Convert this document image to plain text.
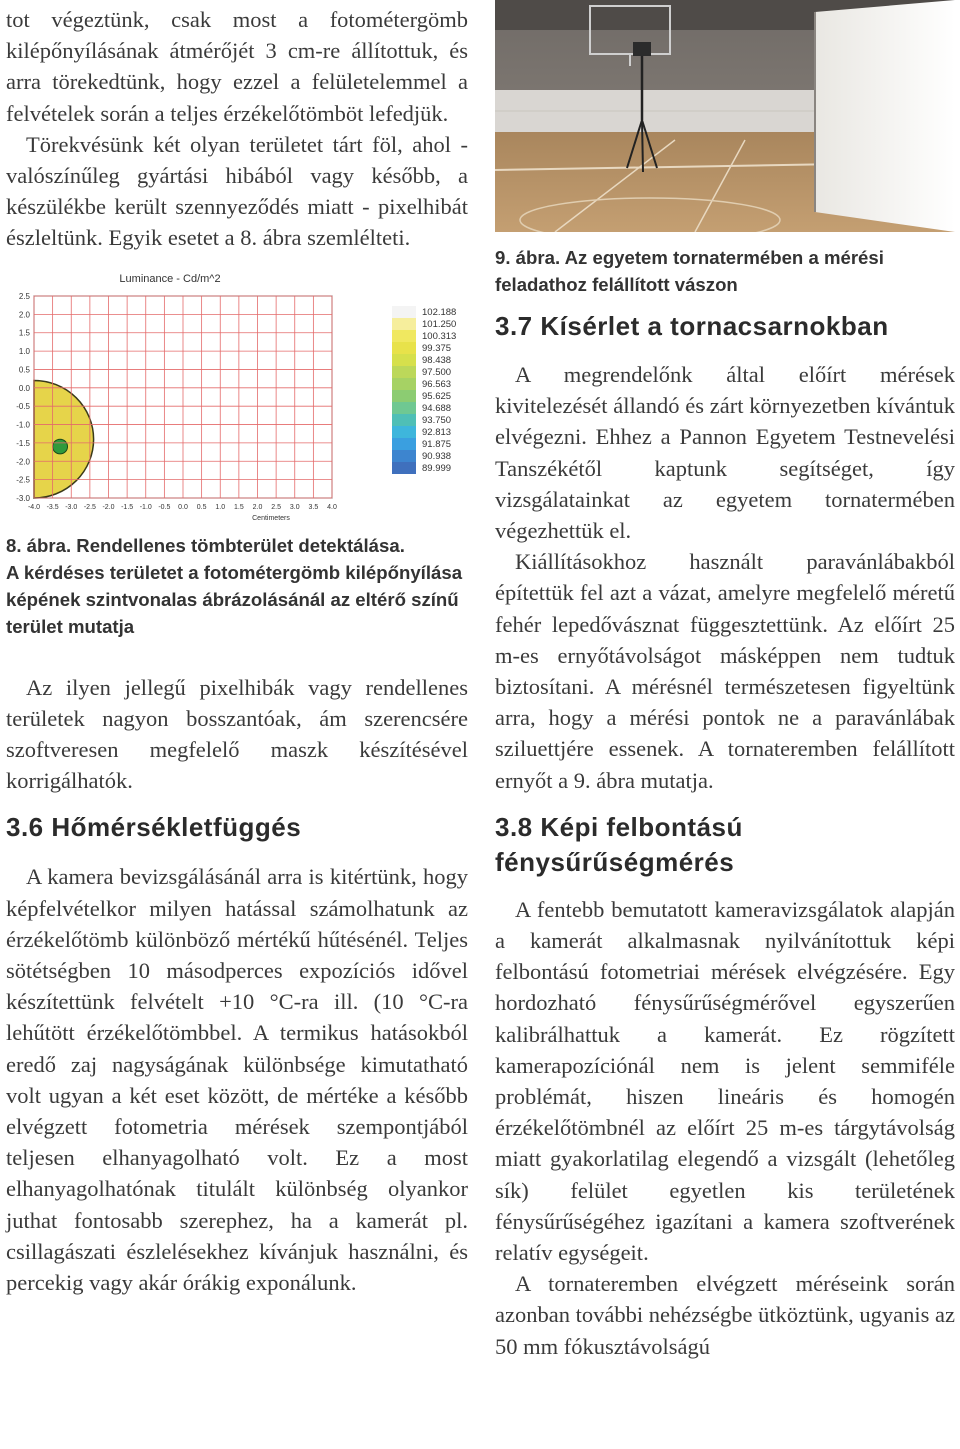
tot végeztünk, csak most a fotométergömb kilépőnyílásának átmérőjét 3 cm-re állítottuk, és arra törekedtünk, hogy ezzel a felületelemmel a felvételek során a teljes érzékelőtömböt lefedjük.

Törekvésünk két olyan területet tárt föl, ahol - valószínűleg gyártási hibából vagy később, a készülékbe került szennyeződés miatt - pixelhibát észleltünk. Egyik esetet a 8. ábra szemlélteti.

Luminance - Cd/m^2
-4.0 -3.5 -3.0 -2.5 -2.0 -1.5 -1.0 -0.5 0.0 0.5 1.0 1.5 2.0 2.5 3.0 3.5 4.0
2.5
2.0
1.5
1.0
0.5
0.0
-0.5
-1.0
-1.5
-2.0
-2.5
-3.0
Centimeters
102.188
101.250
100.313
99.375
98.438
97.500
96.563
95.625
94.688
93.750
92.813
91.875
90.938
89.999

8. ábra. Rendellenes tömbterület detektálása.

A kérdéses területet a fotométergömb kilépőnyílása képének szintvonalas ábrázolásánál az eltérő színű terület mutatja

Az ilyen jellegű pixelhibák vagy rendellenes területek nagyon bosszantóak, ám szerencsére szoftveresen megfelelő maszk készítésével korrigálhatók.

3.6 Hőmérsékletfüggés

A kamera bevizsgálásánál arra is kitértünk, hogy képfelvételkor milyen hatással számolhatunk az érzékelőtömb különböző mértékű hűtésénél. Teljes sötétségben 10 másodperces expozíciós idővel készítettünk felvételt +10 °C-ra ill. (10 °C-ra lehűtött érzékelőtömbbel. A termikus hatásokból eredő zaj nagyságának különbsége kimutatható volt ugyan a két eset között, de mértéke a később elvégzett fotometria mérések szempontjából teljesen elhanyagolható volt. Ez a most elhanyagolhatónak titulált különbség olyankor juthat fontosabb szerephez, ha a kamerát pl. csillagászati észlelésekhez kívánjuk használni, és percekig vagy akár órákig exponálunk.

9. ábra. Az egyetem tornatermében a mérési feladathoz felállított vászon

3.7 Kísérlet a tornacsarnokban

A megrendelőnk által előírt mérések kivitelezését állandó és zárt környezetben kívántuk elvégezni. Ehhez a Pannon Egyetem Testnevelési Tanszékétől kaptunk segítséget, így vizsgálatainkat az egyetem tornatermében végezhettük el.

Kiállításokhoz használt paravánlábakból építettük fel azt a vázat, amelyre megfelelő méretű fehér lepedővásznat függesztettünk. Az előírt 25 m-es ernyőtávolságot másképpen nem tudtuk biztosítani. A mérésnél természetesen figyeltünk arra, hogy a mérési pontok ne a paravánlábak sziluettjére essenek. A tornateremben felállított ernyőt a 9. ábra mutatja.

3.8 Képi felbontású fénysűrűségmérés

A fentebb bemutatott kameravizsgálatok alapján a kamerát alkalmasnak nyilvánítottuk képi felbontású fotometriai mérések elvégzésére. Egy hordozható fénysűrűségmérővel egyszerűen kalibrálhattuk a kamerát. Ez rögzített kamerapozíciónál nem is jelent semmiféle problémát, hiszen lineáris és homogén érzékelőtömbnél az előírt 25 m-es tárgytávolság miatt gyakorlatilag elegendő a vizsgált (lehetőleg sík) felület egyetlen kis területének fénysűrűségéhez igazítani a kamera szoftverének relatív egységeit.

A tornateremben elvégzett méréseink során azonban további nehézségbe ütköztünk, ugyanis az 50 mm fókusztávolságú
